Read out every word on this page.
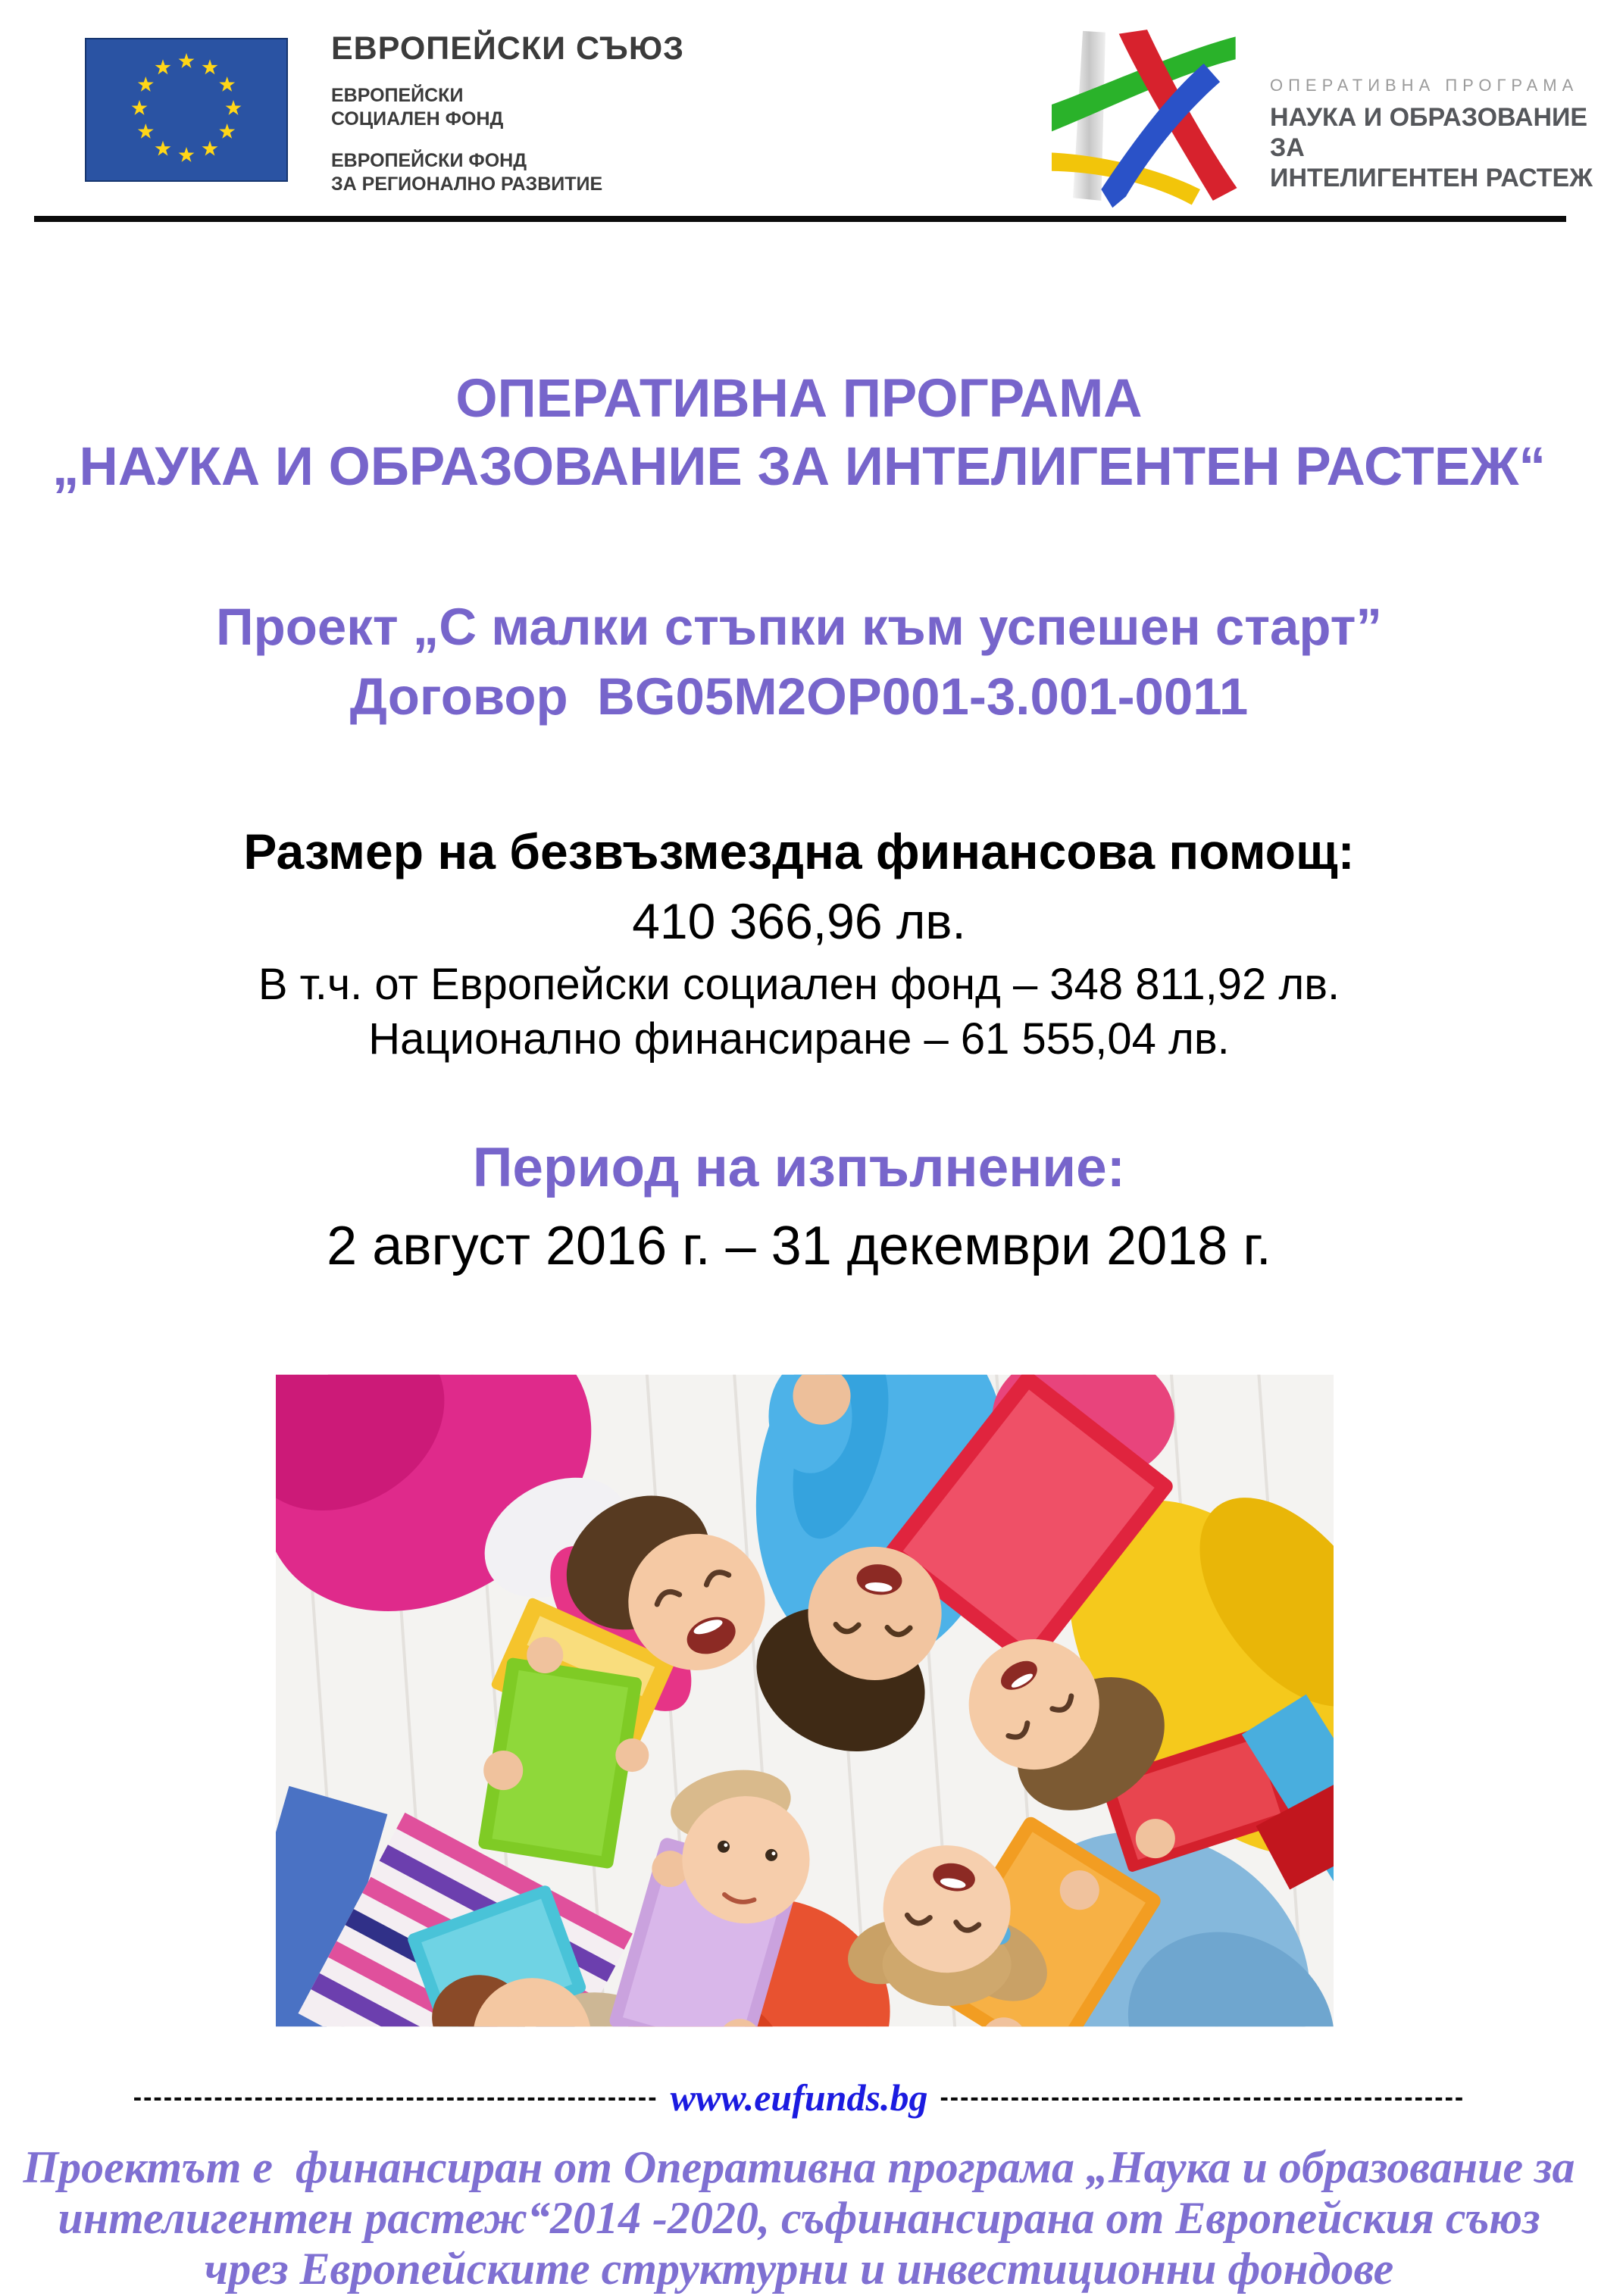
ЕВРОПЕЙСКИ СЪЮЗ
ЕВРОПЕЙСКИ
СОЦИАЛЕН ФОНД
ЕВРОПЕЙСКИ ФОНД
ЗА РЕГИОНАЛНО РАЗВИТИЕ
ОПЕРАТИВНА ПРОГРАМА
НАУКА И ОБРАЗОВАНИЕ ЗА
ИНТЕЛИГЕНТЕН РАСТЕЖ
ОПЕРАТИВНА ПРОГРАМА
„НАУКА И ОБРАЗОВАНИЕ ЗА ИНТЕЛИГЕНТЕН РАСТЕЖ“
Проект „С малки стъпки към успешен старт”
Договор  BG05M2OP001-3.001-0011
Размер на безвъзмездна финансова помощ:
410 366,96 лв.
В т.ч. от Европейски социален фонд – 348 811,92 лв.
Национално финансиране – 61 555,04 лв.
Период на изпълнение:
2 август 2016 г. – 31 декември 2018 г.
---------------------------------------------------- www.eufunds.bg ----------------------------------------------------
Проектът е  финансиран от Оперативна програма „Наука и образование за
интелигентен растеж“2014 -2020, съфинансирана от Европейския съюз
чрез Европейските структурни и инвестиционни фондове
